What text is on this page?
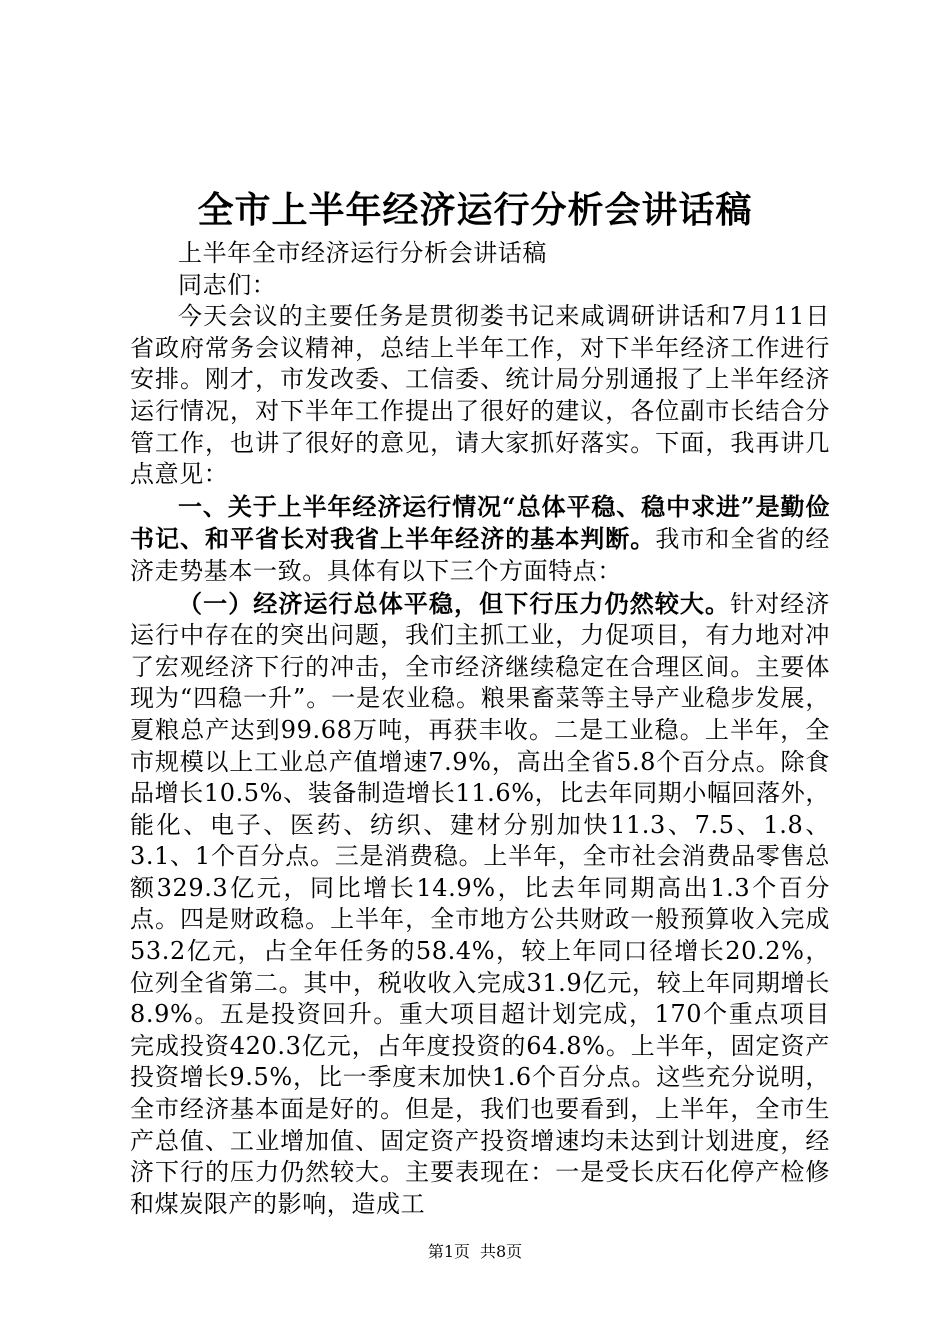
全市上半年经济运行分析会讲话稿

上半年全市经济运行分析会讲话稿

同志们：

今天会议的主要任务是贯彻娄书记来咸调研讲话和7月11日省政府常务会议精神，总结上半年工作，对下半年经济工作进行安排。刚才，市发改委、工信委、统计局分别通报了上半年经济运行情况，对下半年工作提出了很好的建议，各位副市长结合分管工作，也讲了很好的意见，请大家抓好落实。下面，我再讲几点意见：

一、关于上半年经济运行情况“总体平稳、稳中求进”是勤俭书记、和平省长对我省上半年经济的基本判断。我市和全省的经济走势基本一致。具体有以下三个方面特点：

（一）经济运行总体平稳，但下行压力仍然较大。针对经济运行中存在的突出问题，我们主抓工业，力促项目，有力地对冲了宏观经济下行的冲击，全市经济继续稳定在合理区间。主要体现为“四稳一升”。一是农业稳。粮果畜菜等主导产业稳步发展，夏粮总产达到99.68万吨，再获丰收。二是工业稳。上半年，全市规模以上工业总产值增速7.9%，高出全省5.8个百分点。除食品增长10.5%、装备制造增长11.6%，比去年同期小幅回落外，能化、电子、医药、纺织、建材分别加快11.3、7.5、1.8、3.1、1个百分点。三是消费稳。上半年，全市社会消费品零售总额329.3亿元，同比增长14.9%，比去年同期高出1.3个百分点。四是财政稳。上半年，全市地方公共财政一般预算收入完成53.2亿元，占全年任务的58.4%，较上年同口径增长20.2%，位列全省第二。其中，税收收入完成31.9亿元，较上年同期增长8.9%。五是投资回升。重大项目超计划完成，170个重点项目完成投资420.3亿元，占年度投资的64.8%。上半年，固定资产投资增长9.5%，比一季度末加快1.6个百分点。这些充分说明，全市经济基本面是好的。但是，我们也要看到，上半年，全市生产总值、工业增加值、固定资产投资增速均未达到计划进度，经济下行的压力仍然较大。主要表现在：一是受长庆石化停产检修和煤炭限产的影响，造成工

第1页 共8页
